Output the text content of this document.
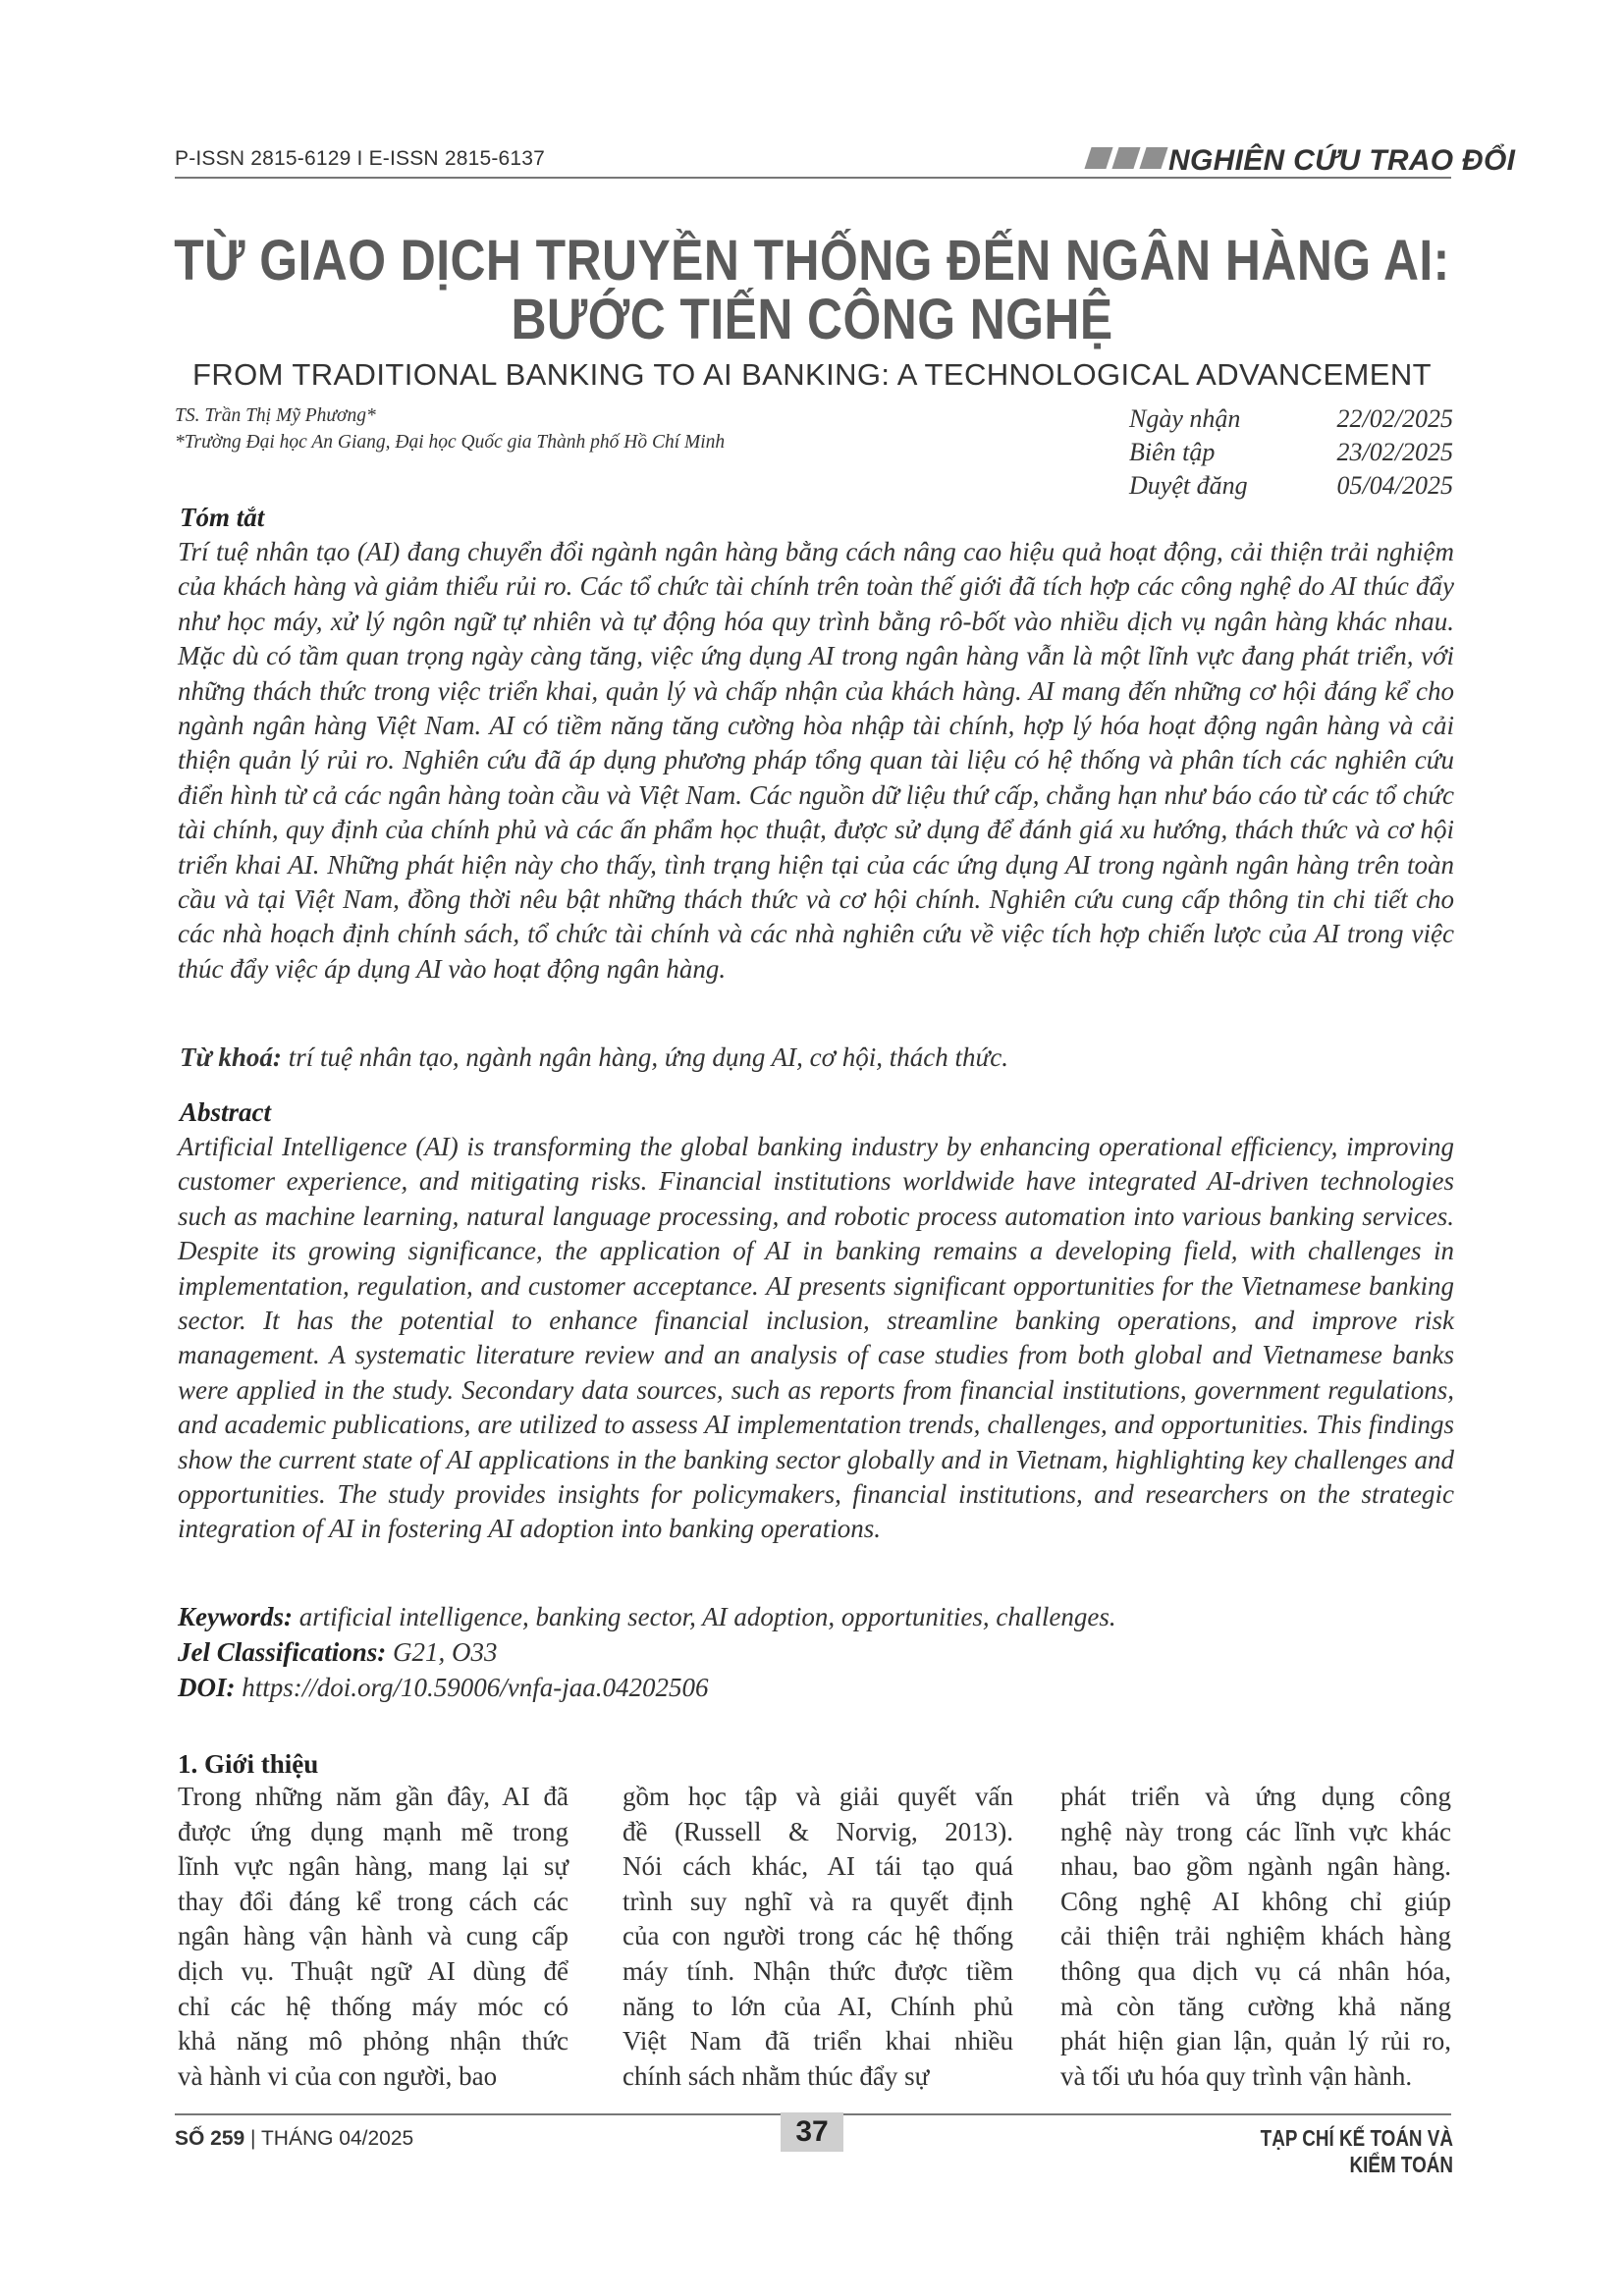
P-ISSN 2815-6129 I E-ISSN 2815-6137	NGHIÊN CỨU TRAO ĐỔI
TỪ GIAO DỊCH TRUYỀN THỐNG ĐẾN NGÂN HÀNG AI:
BƯỚC TIẾN CÔNG NGHỆ
FROM TRADITIONAL BANKING TO AI BANKING: A TECHNOLOGICAL ADVANCEMENT
TS. Trần Thị Mỹ Phương*
*Trường Đại học An Giang, Đại học Quốc gia Thành phố Hồ Chí Minh
Ngày nhận	22/02/2025
Biên tập	23/02/2025
Duyệt đăng	05/04/2025
Tóm tắt
Trí tuệ nhân tạo (AI) đang chuyển đổi ngành ngân hàng bằng cách nâng cao hiệu quả hoạt động, cải thiện trải nghiệm của khách hàng và giảm thiểu rủi ro. Các tổ chức tài chính trên toàn thế giới đã tích hợp các công nghệ do AI thúc đẩy như học máy, xử lý ngôn ngữ tự nhiên và tự động hóa quy trình bằng rô-bốt vào nhiều dịch vụ ngân hàng khác nhau. Mặc dù có tầm quan trọng ngày càng tăng, việc ứng dụng AI trong ngân hàng vẫn là một lĩnh vực đang phát triển, với những thách thức trong việc triển khai, quản lý và chấp nhận của khách hàng. AI mang đến những cơ hội đáng kể cho ngành ngân hàng Việt Nam. AI có tiềm năng tăng cường hòa nhập tài chính, hợp lý hóa hoạt động ngân hàng và cải thiện quản lý rủi ro. Nghiên cứu đã áp dụng phương pháp tổng quan tài liệu có hệ thống và phân tích các nghiên cứu điển hình từ cả các ngân hàng toàn cầu và Việt Nam. Các nguồn dữ liệu thứ cấp, chẳng hạn như báo cáo từ các tổ chức tài chính, quy định của chính phủ và các ấn phẩm học thuật, được sử dụng để đánh giá xu hướng, thách thức và cơ hội triển khai AI. Những phát hiện này cho thấy, tình trạng hiện tại của các ứng dụng AI trong ngành ngân hàng trên toàn cầu và tại Việt Nam, đồng thời nêu bật những thách thức và cơ hội chính. Nghiên cứu cung cấp thông tin chi tiết cho các nhà hoạch định chính sách, tổ chức tài chính và các nhà nghiên cứu về việc tích hợp chiến lược của AI trong việc thúc đẩy việc áp dụng AI vào hoạt động ngân hàng.
Từ khoá: trí tuệ nhân tạo, ngành ngân hàng, ứng dụng AI, cơ hội, thách thức.
Abstract
Artificial Intelligence (AI) is transforming the global banking industry by enhancing operational efficiency, improving customer experience, and mitigating risks. Financial institutions worldwide have integrated AI-driven technologies such as machine learning, natural language processing, and robotic process automation into various banking services. Despite its growing significance, the application of AI in banking remains a developing field, with challenges in implementation, regulation, and customer acceptance. AI presents significant opportunities for the Vietnamese banking sector. It has the potential to enhance financial inclusion, streamline banking operations, and improve risk management. A systematic literature review and an analysis of case studies from both global and Vietnamese banks were applied in the study. Secondary data sources, such as reports from financial institutions, government regulations, and academic publications, are utilized to assess AI implementation trends, challenges, and opportunities. This findings show the current state of AI applications in the banking sector globally and in Vietnam, highlighting key challenges and opportunities. The study provides insights for policymakers, financial institutions, and researchers on the strategic integration of AI in fostering AI adoption into banking operations.
Keywords: artificial intelligence, banking sector, AI adoption, opportunities, challenges.
Jel Classifications: G21, O33
DOI: https://doi.org/10.59006/vnfa-jaa.04202506
1. Giới thiệu
Trong những năm gần đây, AI đã
được ứng dụng mạnh mẽ trong
lĩnh vực ngân hàng, mang lại sự
thay đổi đáng kể trong cách các
ngân hàng vận hành và cung cấp
dịch vụ. Thuật ngữ AI dùng để
chỉ các hệ thống máy móc có
khả năng mô phỏng nhận thức
và hành vi của con người, bao
gồm học tập và giải quyết vấn
đề (Russell & Norvig, 2013).
Nói cách khác, AI tái tạo quá
trình suy nghĩ và ra quyết định
của con người trong các hệ thống
máy tính. Nhận thức được tiềm
năng to lớn của AI, Chính phủ
Việt Nam đã triển khai nhiều
chính sách nhằm thúc đẩy sự
phát triển và ứng dụng công
nghệ này trong các lĩnh vực khác
nhau, bao gồm ngành ngân hàng.
Công nghệ AI không chỉ giúp
cải thiện trải nghiệm khách hàng
thông qua dịch vụ cá nhân hóa,
mà còn tăng cường khả năng
phát hiện gian lận, quản lý rủi ro,
và tối ưu hóa quy trình vận hành.
SỐ 259 | THÁNG 04/2025	37	TẠP CHÍ KẾ TOÁN VÀ KIỂM TOÁN
